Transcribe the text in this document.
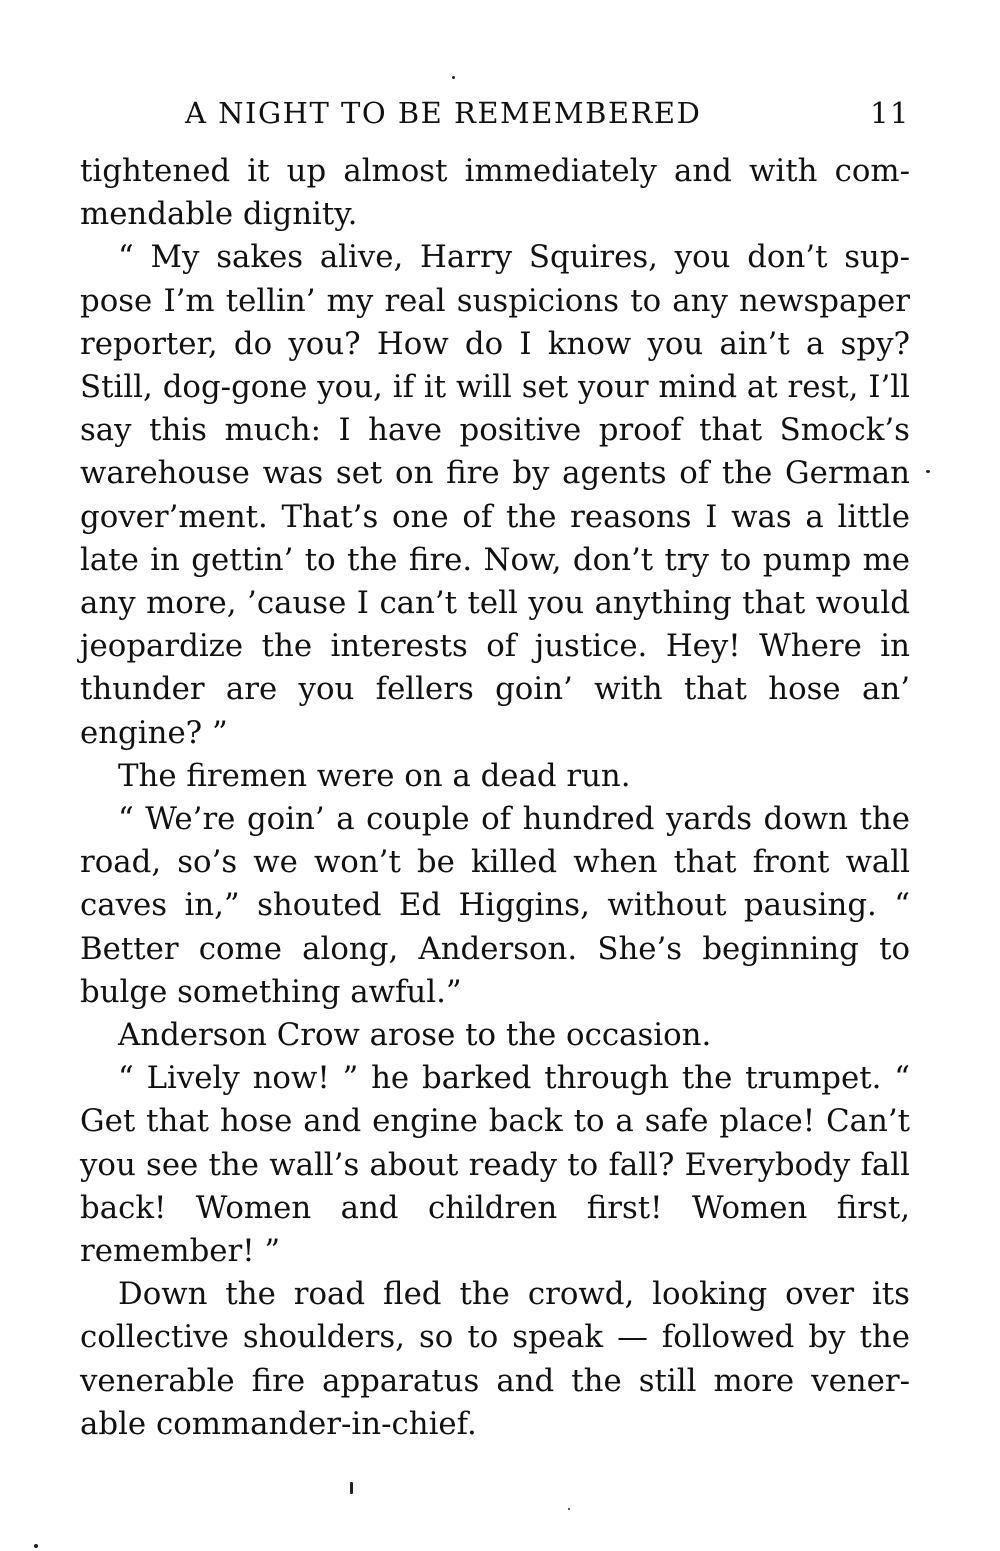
A NIGHT TO BE REMEMBERED	11

tightened it up almost immediately and with commendable dignity.

“ My sakes alive, Harry Squires, you don’t suppose I’m tellin’ my real suspicions to any newspaper reporter, do you? How do I know you ain’t a spy? Still, dog-gone you, if it will set your mind at rest, I’ll say this much: I have positive proof that Smock’s warehouse was set on fire by agents of the German gover’ment. That’s one of the reasons I was a little late in gettin’ to the fire. Now, don’t try to pump me any more, ’cause I can’t tell you anything that would jeopardize the interests of justice. Hey! Where in thunder are you fellers goin’ with that hose an’ engine? ”

The firemen were on a dead run.

“ We’re goin’ a couple of hundred yards down the road, so’s we won’t be killed when that front wall caves in,” shouted Ed Higgins, without pausing. “ Better come along, Anderson. She’s beginning to bulge something awful.”

Anderson Crow arose to the occasion.

“ Lively now! ” he barked through the trumpet. “ Get that hose and engine back to a safe place! Can’t you see the wall’s about ready to fall? Everybody fall back! Women and children first! Women first, remember! ”

Down the road fled the crowd, looking over its collective shoulders, so to speak — followed by the venerable fire apparatus and the still more venerable commander-in-chief.
